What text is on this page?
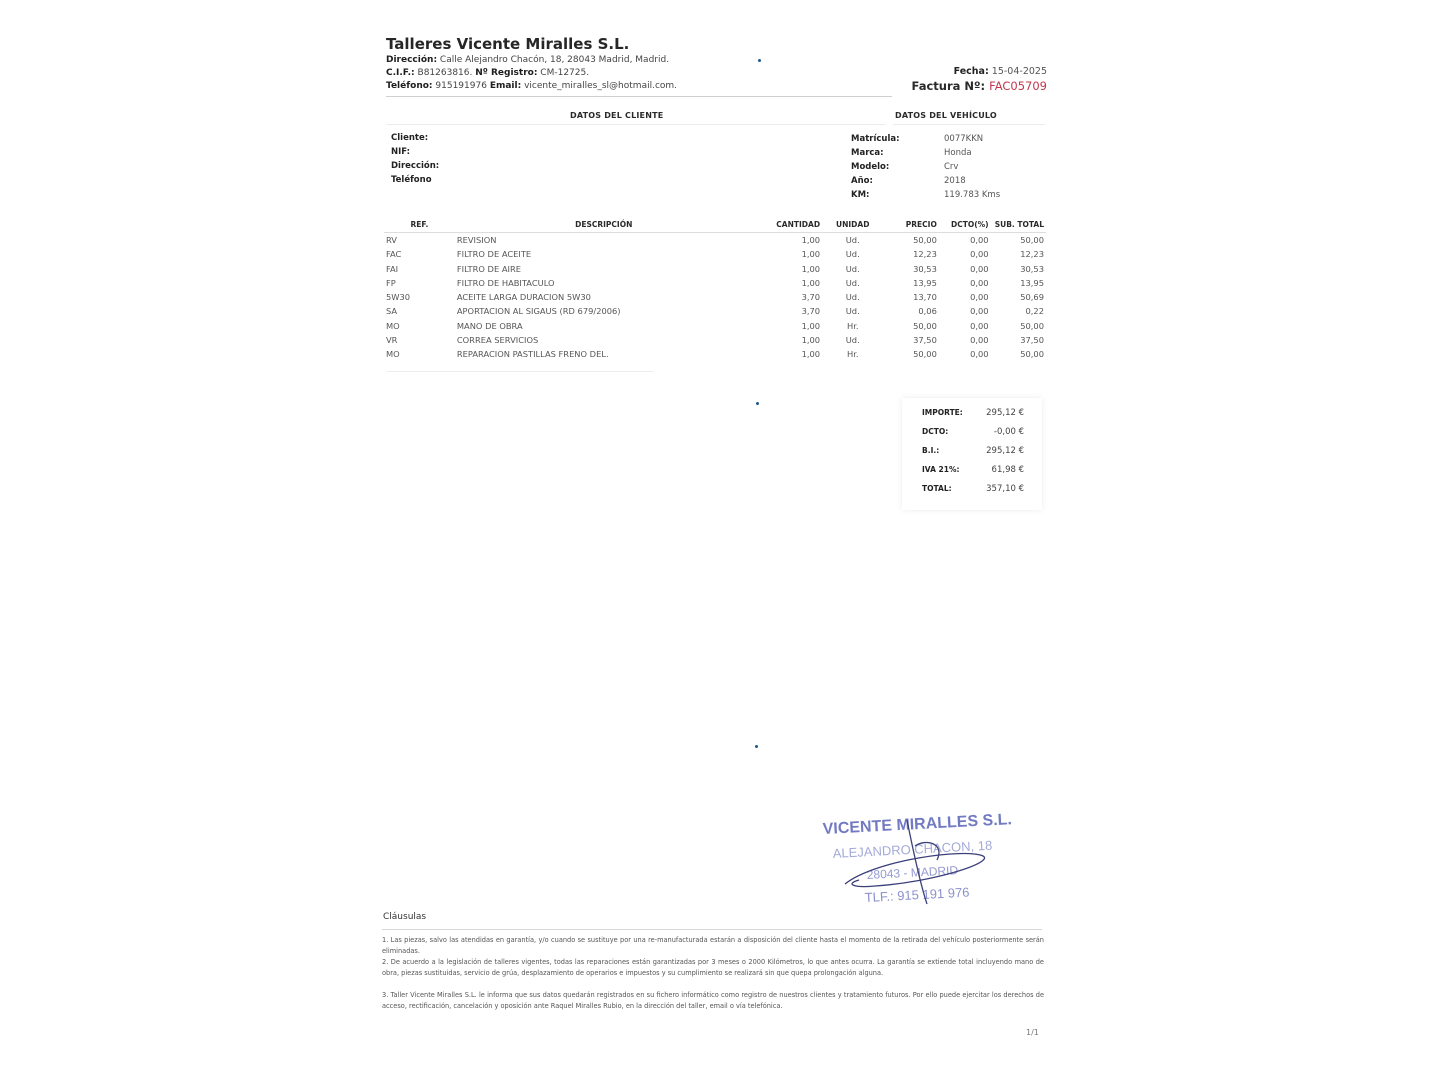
Talleres Vicente Miralles S.L.
Dirección: Calle Alejandro Chacón, 18, 28043 Madrid, Madrid.
C.I.F.: B81263816. Nº Registro: CM-12725.
Teléfono: 915191976 Email: vicente_miralles_sl@hotmail.com.
Fecha: 15-04-2025
Factura Nº: FAC05709
DATOS DEL CLIENTE	DATOS DEL VEHÍCULO
Cliente:
NIF:
Dirección:
Teléfono
Matrícula:	0077KKN
Marca:	Honda
Modelo:	Crv
Año:	2018
KM:	119.783 Kms
REF.	DESCRIPCIÓN	CANTIDAD	UNIDAD	PRECIO	DCTO(%)	SUB. TOTAL
RV	REVISION	1,00	Ud.	50,00	0,00	50,00
FAC	FILTRO DE ACEITE	1,00	Ud.	12,23	0,00	12,23
FAI	FILTRO DE AIRE	1,00	Ud.	30,53	0,00	30,53
FP	FILTRO DE HABITACULO	1,00	Ud.	13,95	0,00	13,95
5W30	ACEITE LARGA DURACION 5W30	3,70	Ud.	13,70	0,00	50,69
SA	APORTACION AL SIGAUS (RD 679/2006)	3,70	Ud.	0,06	0,00	0,22
MO	MANO DE OBRA	1,00	Hr.	50,00	0,00	50,00
VR	CORREA SERVICIOS	1,00	Ud.	37,50	0,00	37,50
MO	REPARACION PASTILLAS FRENO DEL.	1,00	Hr.	50,00	0,00	50,00
IMPORTE:	295,12 €
DCTO:	-0,00 €
B.I.:	295,12 €
IVA 21%:	61,98 €
TOTAL:	357,10 €
VICENTE MIRALLES S.L.
ALEJANDRO CHACON, 18
28043 - MADRID
TLF.: 915 191 976
Cláusulas
1. Las piezas, salvo las atendidas en garantía, y/o cuando se sustituye por una re-manufacturada estarán a disposición del cliente hasta el momento de la retirada del vehículo posteriormente serán eliminadas.
2. De acuerdo a la legislación de talleres vigentes, todas las reparaciones están garantizadas por 3 meses o 2000 Kilómetros, lo que antes ocurra. La garantía se extiende total incluyendo mano de obra, piezas sustituidas, servicio de grúa, desplazamiento de operarios e impuestos y su cumplimiento se realizará sin que quepa prolongación alguna.
3. Taller Vicente Miralles S.L. le informa que sus datos quedarán registrados en su fichero informático como registro de nuestros clientes y tratamiento futuros. Por ello puede ejercitar los derechos de acceso, rectificación, cancelación y oposición ante Raquel Miralles Rubio, en la dirección del taller, email o vía telefónica.
1/1
